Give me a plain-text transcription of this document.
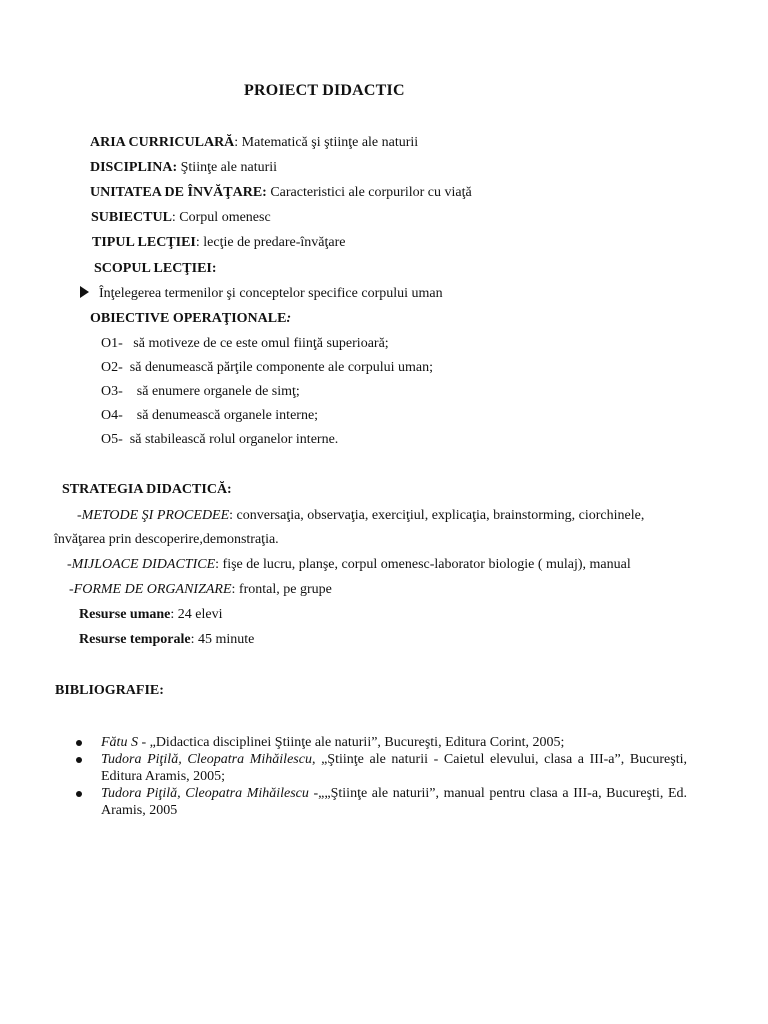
PROIECT DIDACTIC
ARIA CURRICULARĂ: Matematică şi ştiinţe ale naturii
DISCIPLINA: Ştiinţe ale naturii
UNITATEA DE ÎNVĂŢARE: Caracteristici ale corpurilor cu viaţă
SUBIECTUL: Corpul omenesc
TIPUL LECŢIEI: lecţie de predare-învăţare
SCOPUL LECŢIEI:
Înţelegerea termenilor şi conceptelor specifice corpului uman
OBIECTIVE OPERAŢIONALE:
O1- să motiveze de ce este omul fiinţă superioară;
O2- să denumească părţile componente ale corpului uman;
O3- să enumere organele de simţ;
O4- să denumească organele interne;
O5- să stabilească rolul organelor interne.
STRATEGIA DIDACTICĂ:
-METODE ŞI PROCEDEE: conversaţia, observaţia, exerciţiul, explicaţia, brainstorming, ciorchinele,
învăţarea prin descoperire,demonstraţia.
-MIJLOACE DIDACTICE: fişe de lucru, planşe, corpul omenesc-laborator biologie ( mulaj), manual
-FORME DE ORGANIZARE: frontal, pe grupe
Resurse umane: 24 elevi
Resurse temporale: 45 minute
BIBLIOGRAFIE:
Fătu S - „Didactica disciplinei Ştiinţe ale naturii”, Bucureşti, Editura Corint, 2005;
Tudora Piţilă, Cleopatra Mihăilescu, „Ştiinţe ale naturii - Caietul elevului, clasa a III-a”, Bucureşti, Editura Aramis, 2005;
Tudora Piţilă, Cleopatra Mihăilescu -„„Ştiinţe ale naturii”, manual pentru clasa a III-a, Bucureşti, Ed. Aramis, 2005
